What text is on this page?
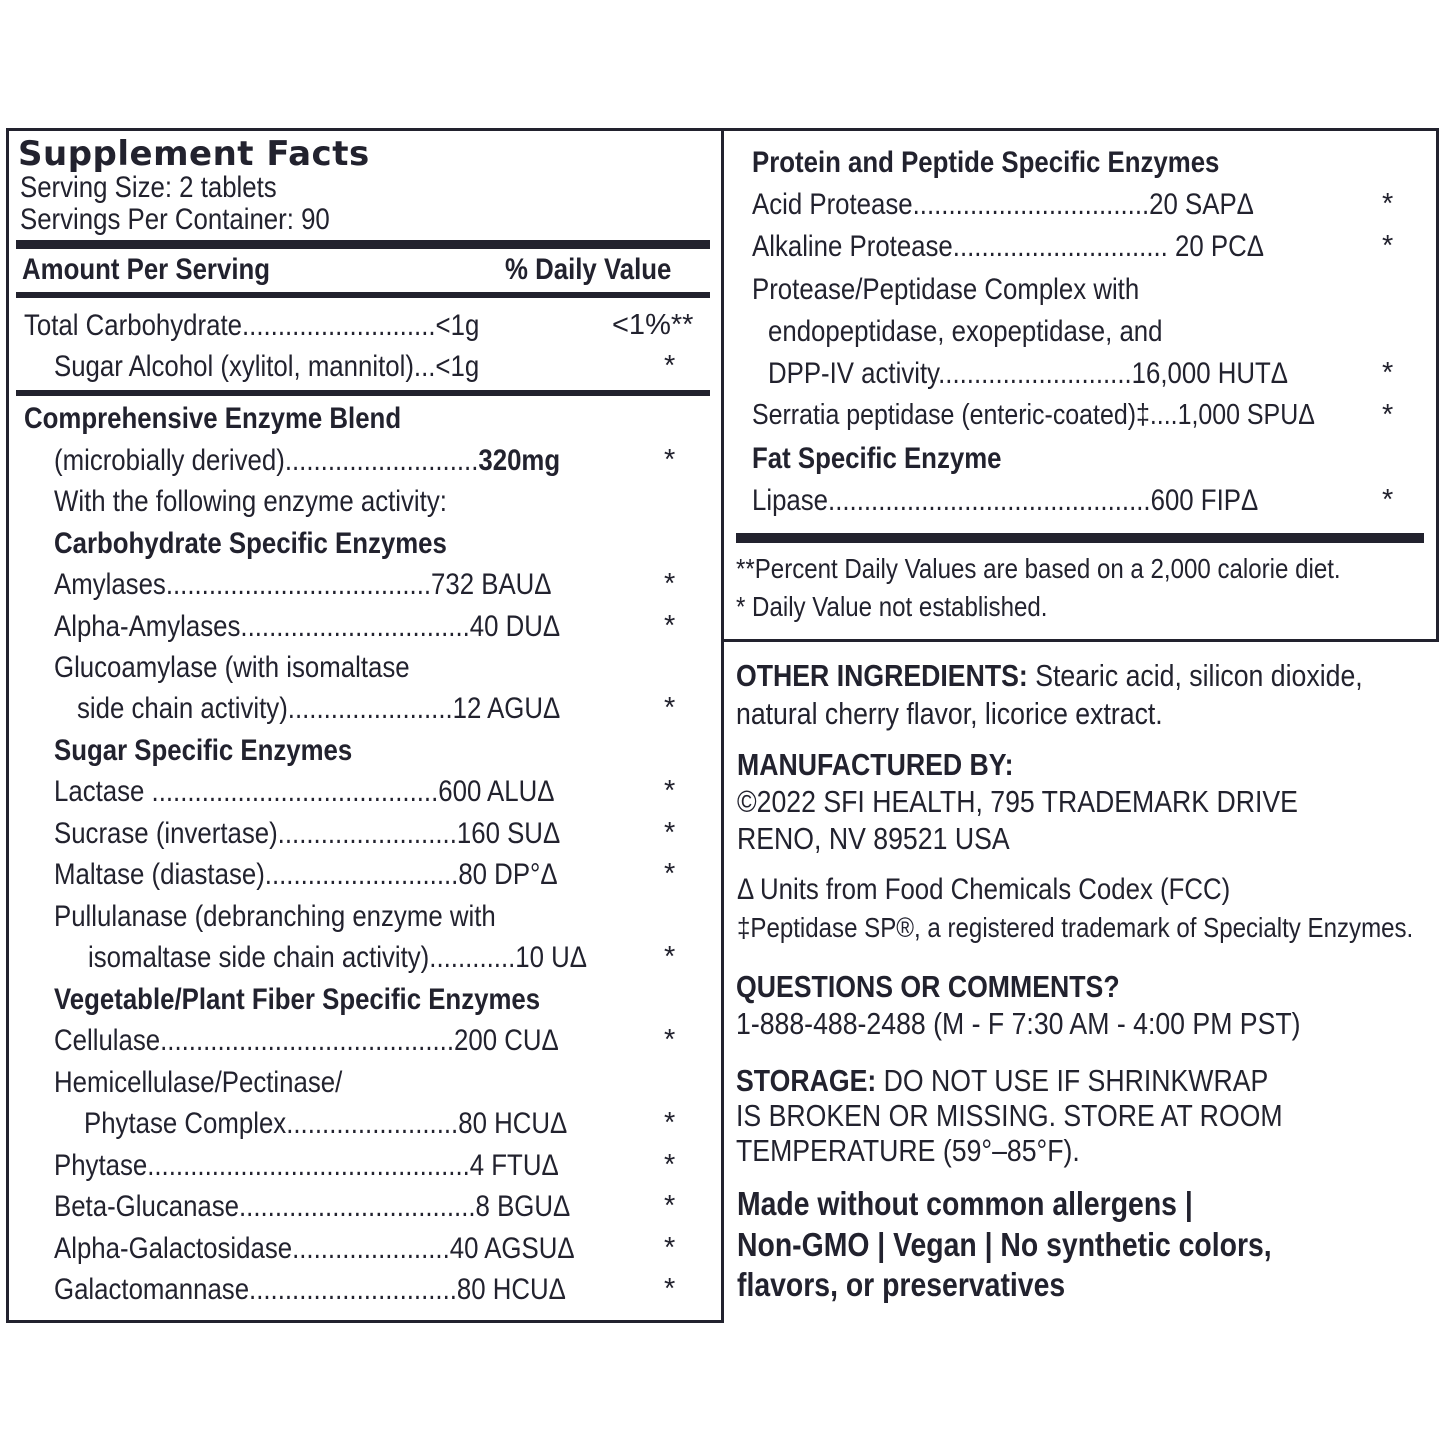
Supplement Facts
Serving Size: 2 tablets
Servings Per Container: 90
Amount Per Serving	% Daily Value
Total Carbohydrate...........................<1g	<1%**
Sugar Alcohol (xylitol, mannitol)...<1g	*
Comprehensive Enzyme Blend
(microbially derived)...........................320mg	*
With the following enzyme activity:
Carbohydrate Specific Enzymes
Amylases.....................................732 BAUΔ	*
Alpha-Amylases................................40 DUΔ	*
Glucoamylase (with isomaltase
side chain activity).......................12 AGUΔ	*
Sugar Specific Enzymes
Lactase ........................................600 ALUΔ	*
Sucrase (invertase).........................160 SUΔ	*
Maltase (diastase)...........................80 DP°Δ	*
Pullulanase (debranching enzyme with
isomaltase side chain activity)............10 UΔ	*
Vegetable/Plant Fiber Specific Enzymes
Cellulase.........................................200 CUΔ	*
Hemicellulase/Pectinase/
Phytase Complex........................80 HCUΔ	*
Phytase.............................................4 FTUΔ	*
Beta-Glucanase.................................8 BGUΔ	*
Alpha-Galactosidase......................40 AGSUΔ	*
Galactomannase.............................80 HCUΔ	*
Protein and Peptide Specific Enzymes
Acid Protease.................................20 SAPΔ	*
Alkaline Protease.............................. 20 PCΔ	*
Protease/Peptidase Complex with
endopeptidase, exopeptidase, and
DPP-IV activity...........................16,000 HUTΔ	*
Serratia peptidase (enteric-coated)‡....1,000 SPUΔ *
Fat Specific Enzyme
Lipase.............................................600 FIPΔ	*
**Percent Daily Values are based on a 2,000 calorie diet.
* Daily Value not established.
OTHER INGREDIENTS: Stearic acid, silicon dioxide,
natural cherry flavor, licorice extract.
MANUFACTURED BY:
©2022 SFI HEALTH, 795 TRADEMARK DRIVE
RENO, NV 89521 USA
Δ Units from Food Chemicals Codex (FCC)
‡Peptidase SP®, a registered trademark of Specialty Enzymes.
QUESTIONS OR COMMENTS?
1-888-488-2488 (M - F 7:30 AM - 4:00 PM PST)
STORAGE: DO NOT USE IF SHRINKWRAP
IS BROKEN OR MISSING. STORE AT ROOM
TEMPERATURE (59°–85°F).
Made without common allergens |
Non-GMO | Vegan | No synthetic colors,
flavors, or preservatives
